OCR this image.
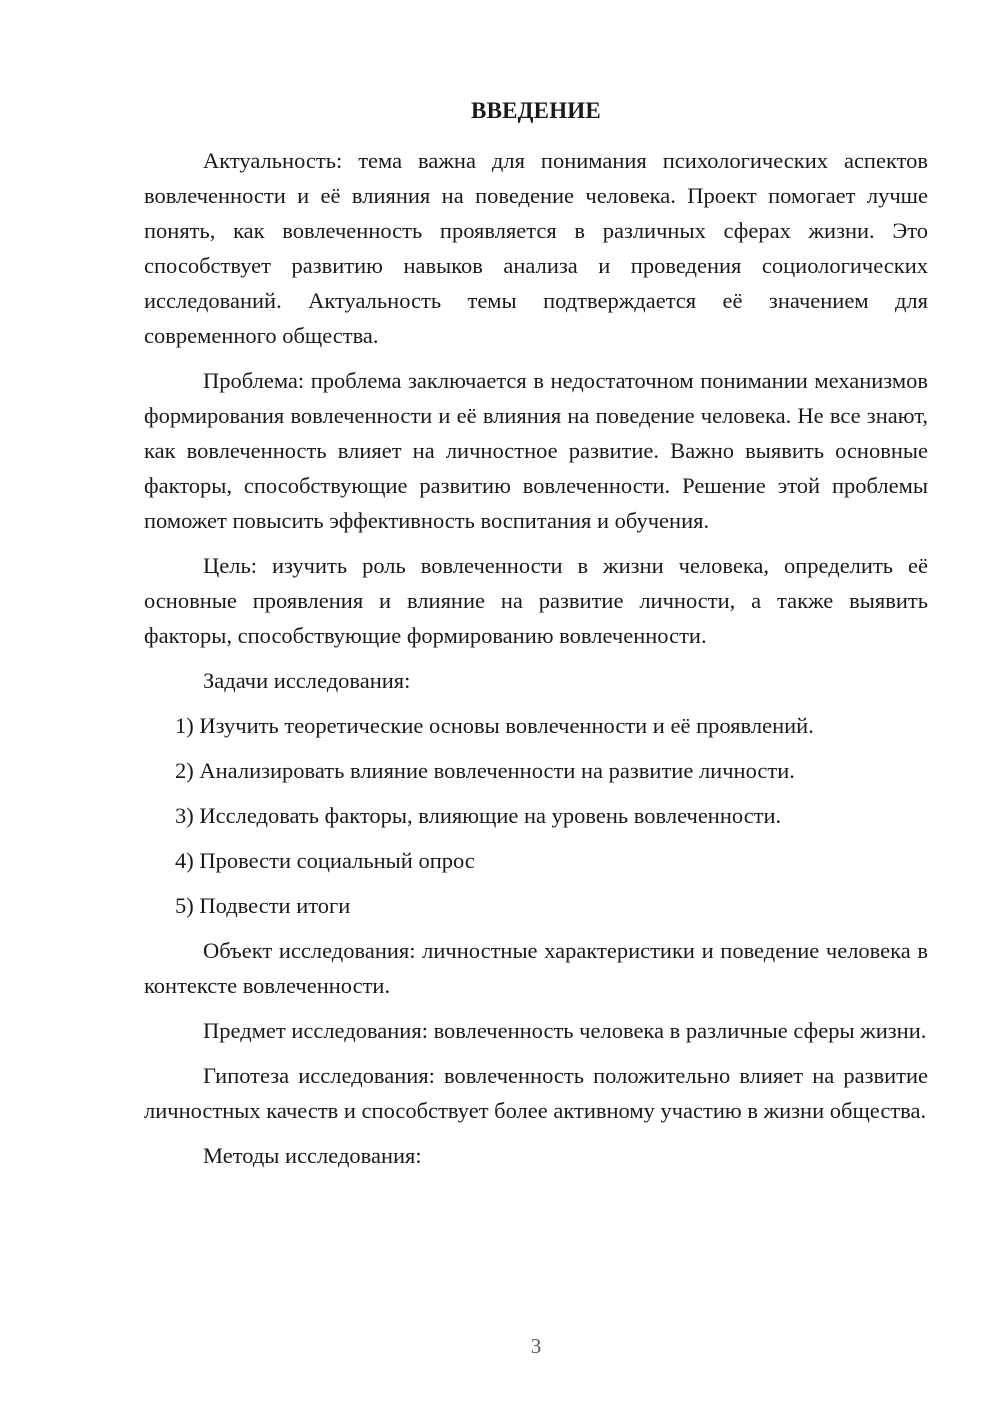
ВВЕДЕНИЕ

Актуальность: тема важна для понимания психологических аспектов вовлеченности и её влияния на поведение человека. Проект помогает лучше понять, как вовлеченность проявляется в различных сферах жизни. Это способствует развитию навыков анализа и проведения социологических исследований. Актуальность темы подтверждается её значением для современного общества.

Проблема: проблема заключается в недостаточном понимании механизмов формирования вовлеченности и её влияния на поведение человека. Не все знают, как вовлеченность влияет на личностное развитие. Важно выявить основные факторы, способствующие развитию вовлеченности. Решение этой проблемы поможет повысить эффективность воспитания и обучения.

Цель: изучить роль вовлеченности в жизни человека, определить её основные проявления и влияние на развитие личности, а также выявить факторы, способствующие формированию вовлеченности.

Задачи исследования:

1) Изучить теоретические основы вовлеченности и её проявлений.
2) Анализировать влияние вовлеченности на развитие личности.
3) Исследовать факторы, влияющие на уровень вовлеченности.
4) Провести социальный опрос
5) Подвести итоги

Объект исследования: личностные характеристики и поведение человека в контексте вовлеченности.

Предмет исследования: вовлеченность человека в различные сферы жизни.

Гипотеза исследования: вовлеченность положительно влияет на развитие личностных качеств и способствует более активному участию в жизни общества.

Методы исследования:

3
